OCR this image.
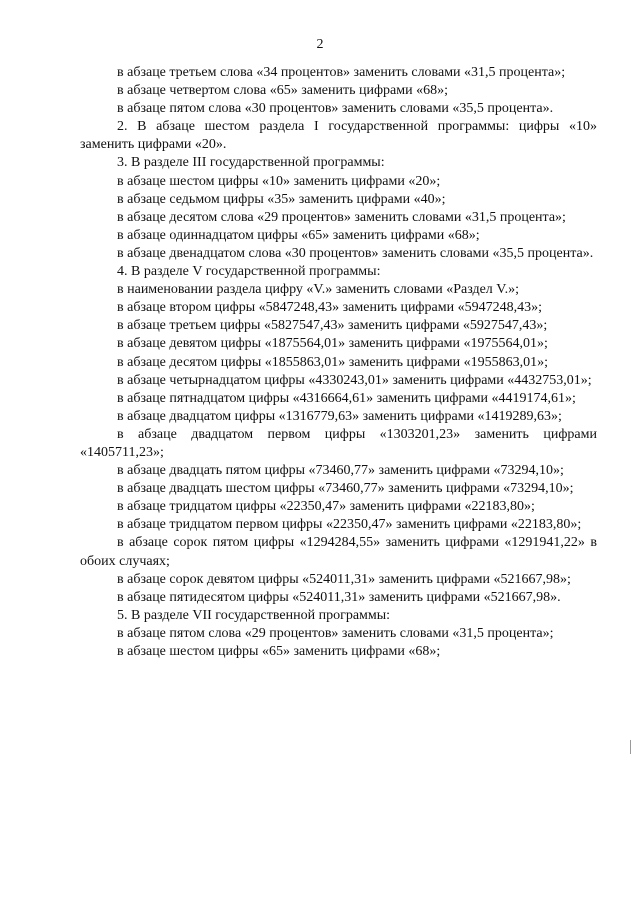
2

в абзаце третьем слова «34 процентов» заменить словами «31,5 процента»;

в абзаце четвертом слова «65» заменить цифрами «68»;

в абзаце пятом слова «30 процентов» заменить словами «35,5 процента».

2. В абзаце шестом раздела I государственной программы: цифры «10» заменить цифрами «20».

3. В разделе III государственной программы:

в абзаце шестом цифры «10» заменить цифрами «20»;

в абзаце седьмом цифры «35» заменить цифрами «40»;

в абзаце десятом слова «29 процентов» заменить словами «31,5 процента»;

в абзаце одиннадцатом цифры «65» заменить цифрами «68»;

в абзаце двенадцатом слова «30 процентов» заменить словами «35,5 процента».

4. В разделе V государственной программы:

в наименовании раздела цифру «V.» заменить словами «Раздел V.»;

в абзаце втором цифры «5847248,43» заменить цифрами «5947248,43»;

в абзаце третьем цифры «5827547,43» заменить цифрами «5927547,43»;

в абзаце девятом цифры «1875564,01» заменить цифрами «1975564,01»;

в абзаце десятом цифры «1855863,01» заменить цифрами «1955863,01»;

в абзаце четырнадцатом цифры «4330243,01» заменить цифрами «4432753,01»;

в абзаце пятнадцатом цифры «4316664,61» заменить цифрами «4419174,61»;

в абзаце двадцатом цифры «1316779,63» заменить цифрами «1419289,63»;

в абзаце двадцатом первом цифры «1303201,23» заменить цифрами «1405711,23»;

в абзаце двадцать пятом цифры «73460,77» заменить цифрами «73294,10»;

в абзаце двадцать шестом цифры «73460,77» заменить цифрами «73294,10»;

в абзаце тридцатом цифры «22350,47» заменить цифрами «22183,80»;

в абзаце тридцатом первом цифры «22350,47» заменить цифрами «22183,80»;

в абзаце сорок пятом цифры «1294284,55» заменить цифрами «1291941,22» в обоих случаях;

в абзаце сорок девятом цифры «524011,31» заменить цифрами «521667,98»;

в абзаце пятидесятом цифры «524011,31» заменить цифрами «521667,98».

5. В разделе VII государственной программы:

в абзаце пятом слова «29 процентов» заменить словами «31,5 процента»;

в абзаце шестом цифры «65» заменить цифрами «68»;
